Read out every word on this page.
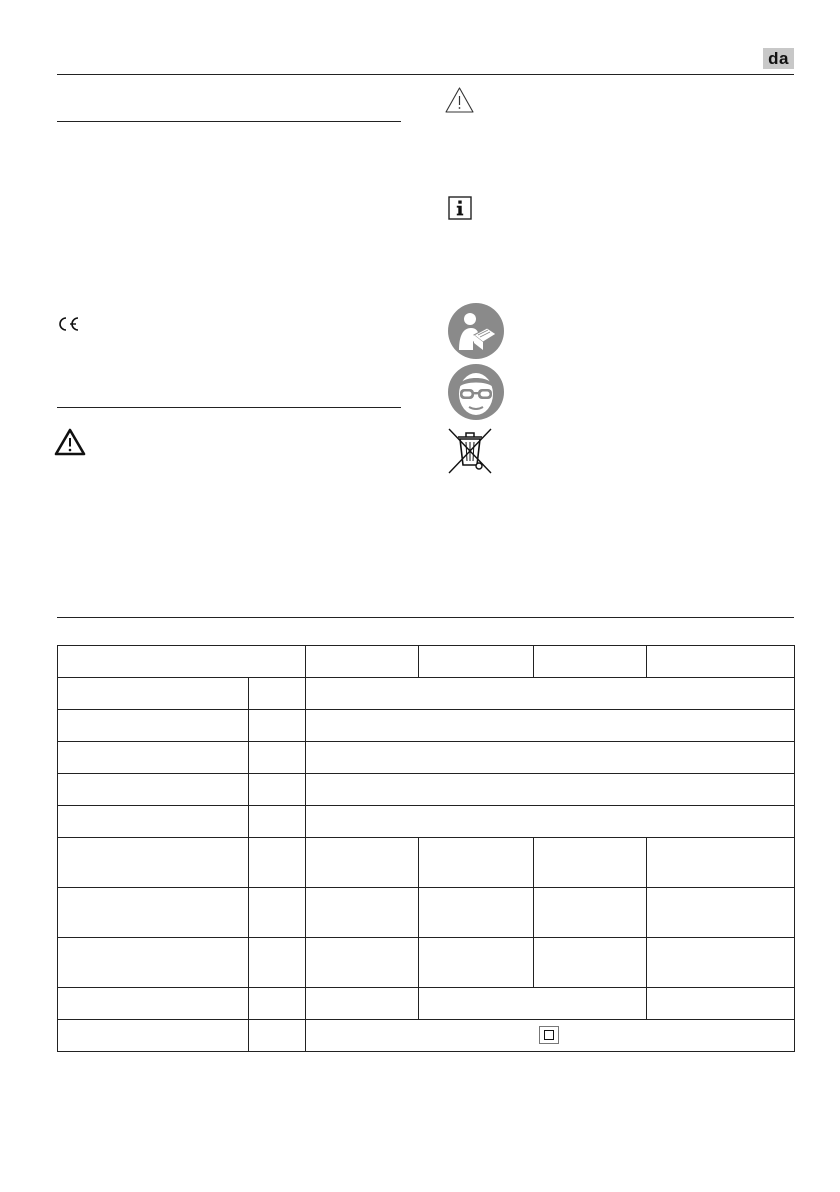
da
